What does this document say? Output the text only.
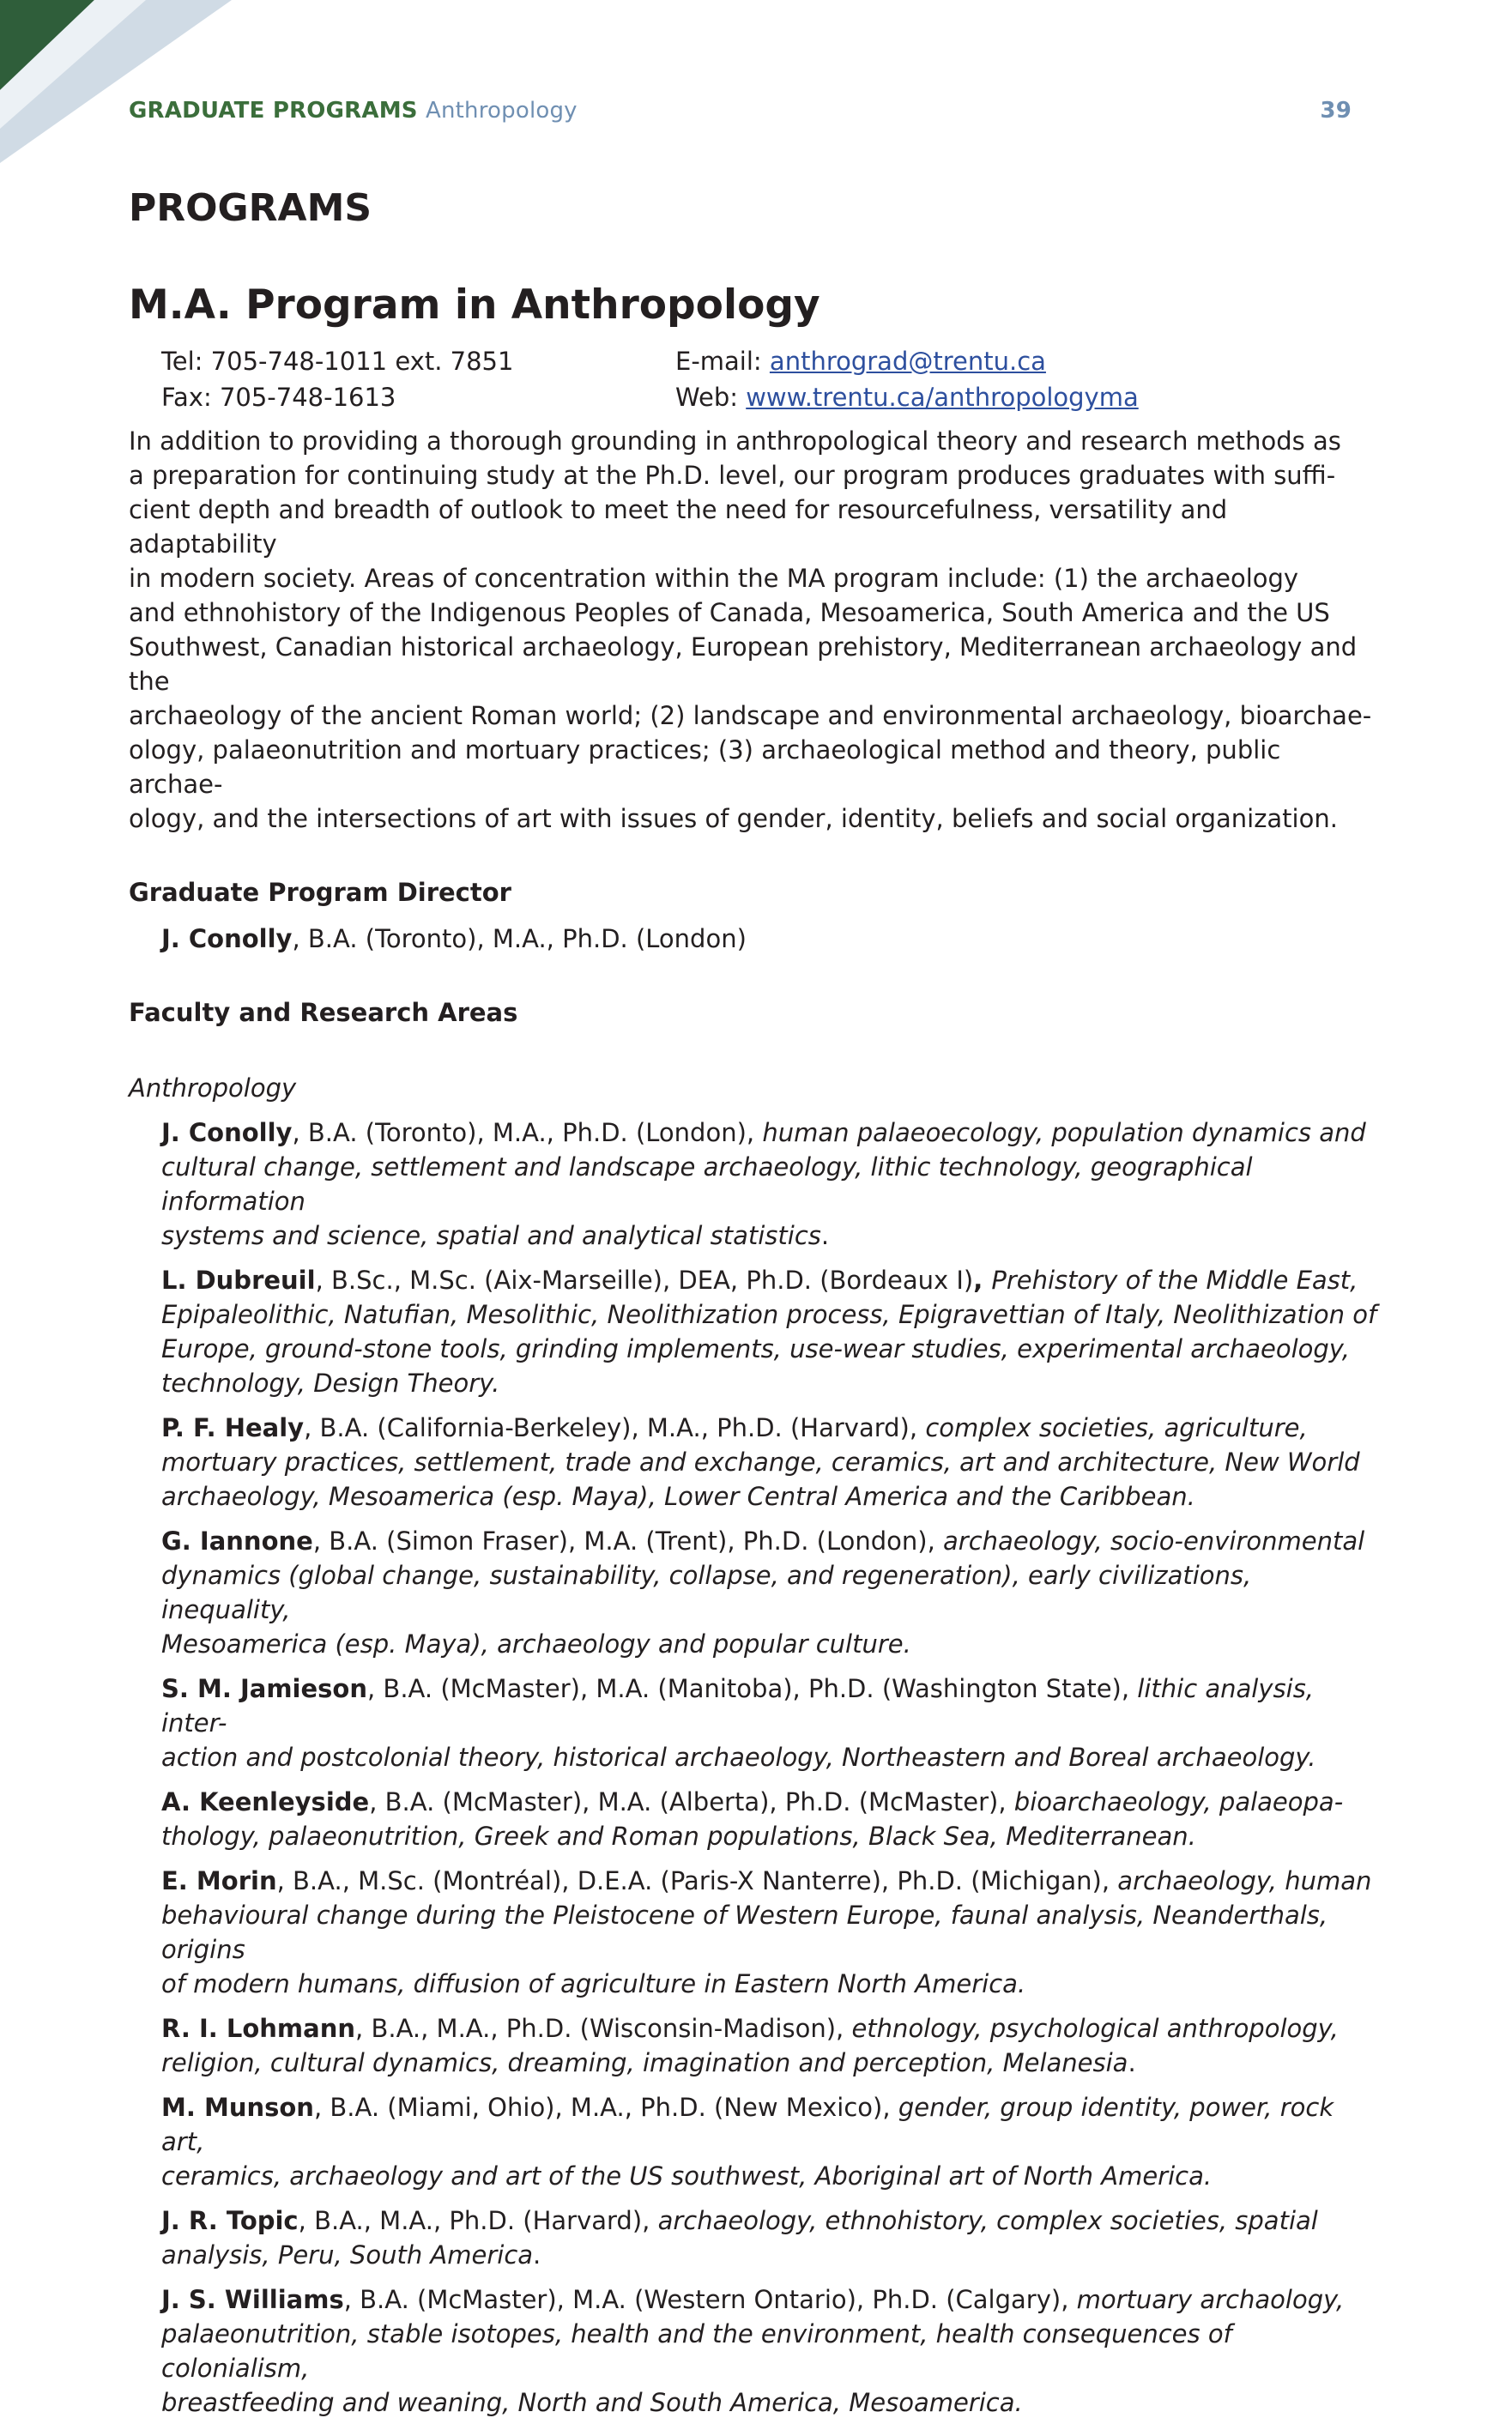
GRADUATE PROGRAMS Anthropology	39
PROGRAMS
M.A. Program in Anthropology
Tel: 705-748-1011 ext. 7851	E-mail: anthrograd@trentu.ca
Fax: 705-748-1613	Web: www.trentu.ca/anthropologyma

In addition to providing a thorough grounding in anthropological theory and research methods as
a preparation for continuing study at the Ph.D. level, our program produces graduates with suffi-
cient depth and breadth of outlook to meet the need for resourcefulness, versatility and adaptability
in modern society. Areas of concentration within the MA program include: (1) the archaeology
and ethnohistory of the Indigenous Peoples of Canada, Mesoamerica, South America and the US
Southwest, Canadian historical archaeology, European prehistory, Mediterranean archaeology and the
archaeology of the ancient Roman world; (2) landscape and environmental archaeology, bioarchae-
ology, palaeonutrition and mortuary practices; (3) archaeological method and theory, public archae-
ology, and the intersections of art with issues of gender, identity, beliefs and social organization.

Graduate Program Director
J. Conolly, B.A. (Toronto), M.A., Ph.D. (London)
Faculty and Research Areas
Anthropology
J. Conolly, B.A. (Toronto), M.A., Ph.D. (London), human palaeoecology, population dynamics and
cultural change, settlement and landscape archaeology, lithic technology, geographical information
systems and science, spatial and analytical statistics.
L. Dubreuil, B.Sc., M.Sc. (Aix-Marseille), DEA, Ph.D. (Bordeaux I), Prehistory of the Middle East,
Epipaleolithic, Natufian, Mesolithic, Neolithization process, Epigravettian of Italy, Neolithization of
Europe, ground-stone tools, grinding implements, use-wear studies, experimental archaeology,
technology, Design Theory.
P. F. Healy, B.A. (California-Berkeley), M.A., Ph.D. (Harvard), complex societies, agriculture,
mortuary practices, settlement, trade and exchange, ceramics, art and architecture, New World
archaeology, Mesoamerica (esp. Maya), Lower Central America and the Caribbean.
G. Iannone, B.A. (Simon Fraser), M.A. (Trent), Ph.D. (London), archaeology, socio-environmental
dynamics (global change, sustainability, collapse, and regeneration), early civilizations, inequality,
Mesoamerica (esp. Maya), archaeology and popular culture.
S. M. Jamieson, B.A. (McMaster), M.A. (Manitoba), Ph.D. (Washington State), lithic analysis, inter-
action and postcolonial theory, historical archaeology, Northeastern and Boreal archaeology.
A. Keenleyside, B.A. (McMaster), M.A. (Alberta), Ph.D. (McMaster), bioarchaeology, palaeopa-
thology, palaeonutrition, Greek and Roman populations, Black Sea, Mediterranean.
E. Morin, B.A., M.Sc. (Montréal), D.E.A. (Paris-X Nanterre), Ph.D. (Michigan), archaeology, human
behavioural change during the Pleistocene of Western Europe, faunal analysis, Neanderthals, origins
of modern humans, diffusion of agriculture in Eastern North America.
R. I. Lohmann, B.A., M.A., Ph.D. (Wisconsin-Madison), ethnology, psychological anthropology,
religion, cultural dynamics, dreaming, imagination and perception, Melanesia.
M. Munson, B.A. (Miami, Ohio), M.A., Ph.D. (New Mexico), gender, group identity, power, rock art,
ceramics, archaeology and art of the US southwest, Aboriginal art of North America.
J. R. Topic, B.A., M.A., Ph.D. (Harvard), archaeology, ethnohistory, complex societies, spatial
analysis, Peru, South America.
J. S. Williams, B.A. (McMaster), M.A. (Western Ontario), Ph.D. (Calgary), mortuary archaology,
palaeonutrition, stable isotopes, health and the environment, health consequences of colonialism,
breastfeeding and weaning, North and South America, Mesoamerica.
